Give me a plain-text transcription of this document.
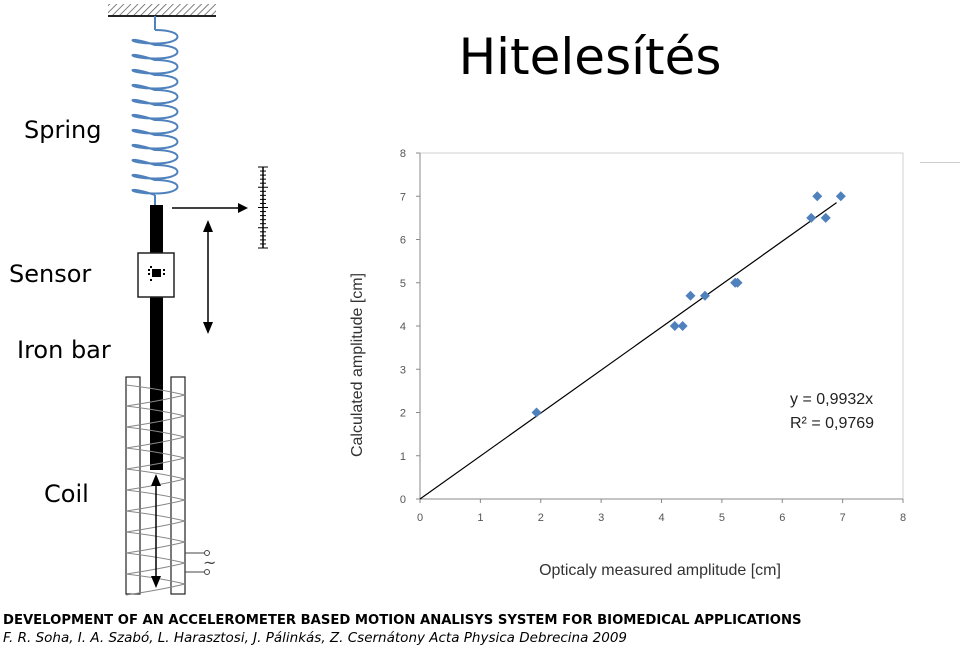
Hitelesítés
Spring
Sensor
Iron bar
Coil
~
0	1	2	3	4	5	6	7	8
0
1
2
3
4
5
6
7
8
y = 0,9932x
R² = 0,9769
Opticaly measured amplitude [cm]
Calculated amplitude [cm]
DEVELOPMENT OF AN ACCELEROMETER BASED MOTION ANALISYS SYSTEM FOR BIOMEDICAL APPLICATIONS
F. R. Soha, I. A. Szabó, L. Harasztosi, J. Pálinkás, Z. Csernátony Acta Physica Debrecina 2009
